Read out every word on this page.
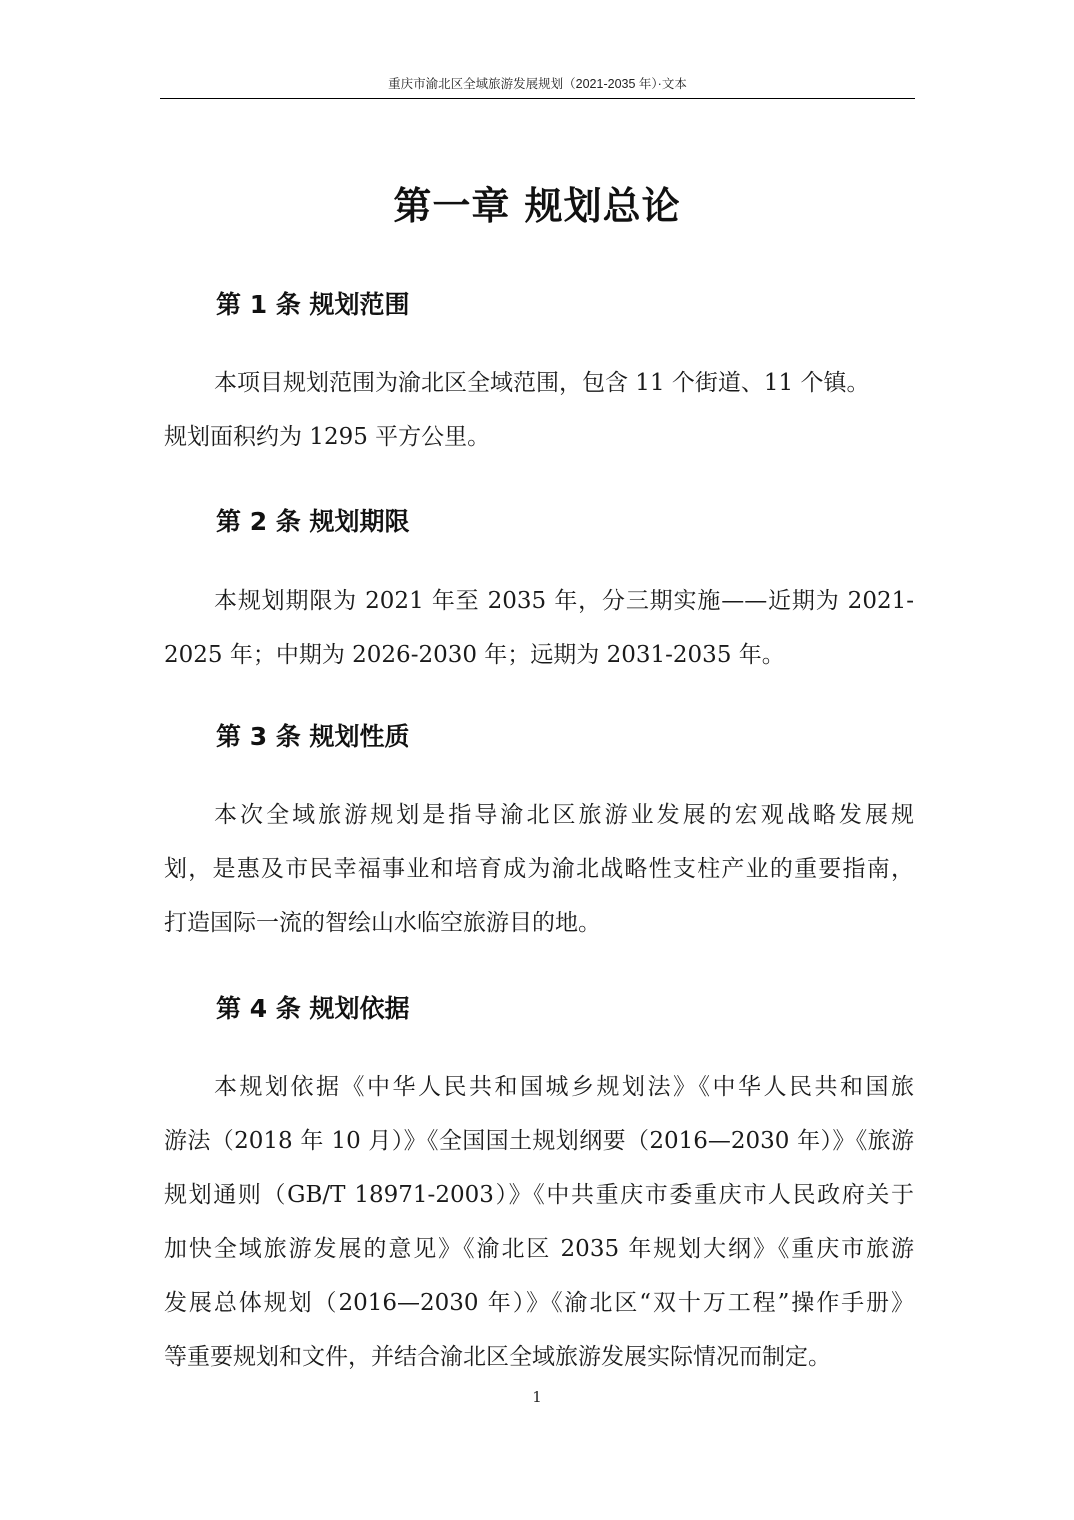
重庆市渝北区全域旅游发展规划（2021-2035 年）·文本
第一章 规划总论
第 1 条 规划范围
本项目规划范围为渝北区全域范围，包含 11 个街道、11 个镇。
规划面积约为 1295 平方公里。
第 2 条 规划期限
本规划期限为 2021 年至 2035 年，分三期实施——近期为 2021-
2025 年；中期为 2026-2030 年；远期为 2031-2035 年。
第 3 条 规划性质
本次全域旅游规划是指导渝北区旅游业发展的宏观战略发展规
划，是惠及市民幸福事业和培育成为渝北战略性支柱产业的重要指南，
打造国际一流的智绘山水临空旅游目的地。
第 4 条 规划依据
本规划依据《中华人民共和国城乡规划法》《中华人民共和国旅
游法（2018 年 10 月）》《全国国土规划纲要（2016—2030 年）》《旅游
规划通则（GB/T 18971-2003）》《中共重庆市委重庆市人民政府关于
加快全域旅游发展的意见》《渝北区 2035 年规划大纲》《重庆市旅游
发展总体规划（2016—2030 年）》《渝北区“双十万工程”操作手册》
等重要规划和文件，并结合渝北区全域旅游发展实际情况而制定。
1
